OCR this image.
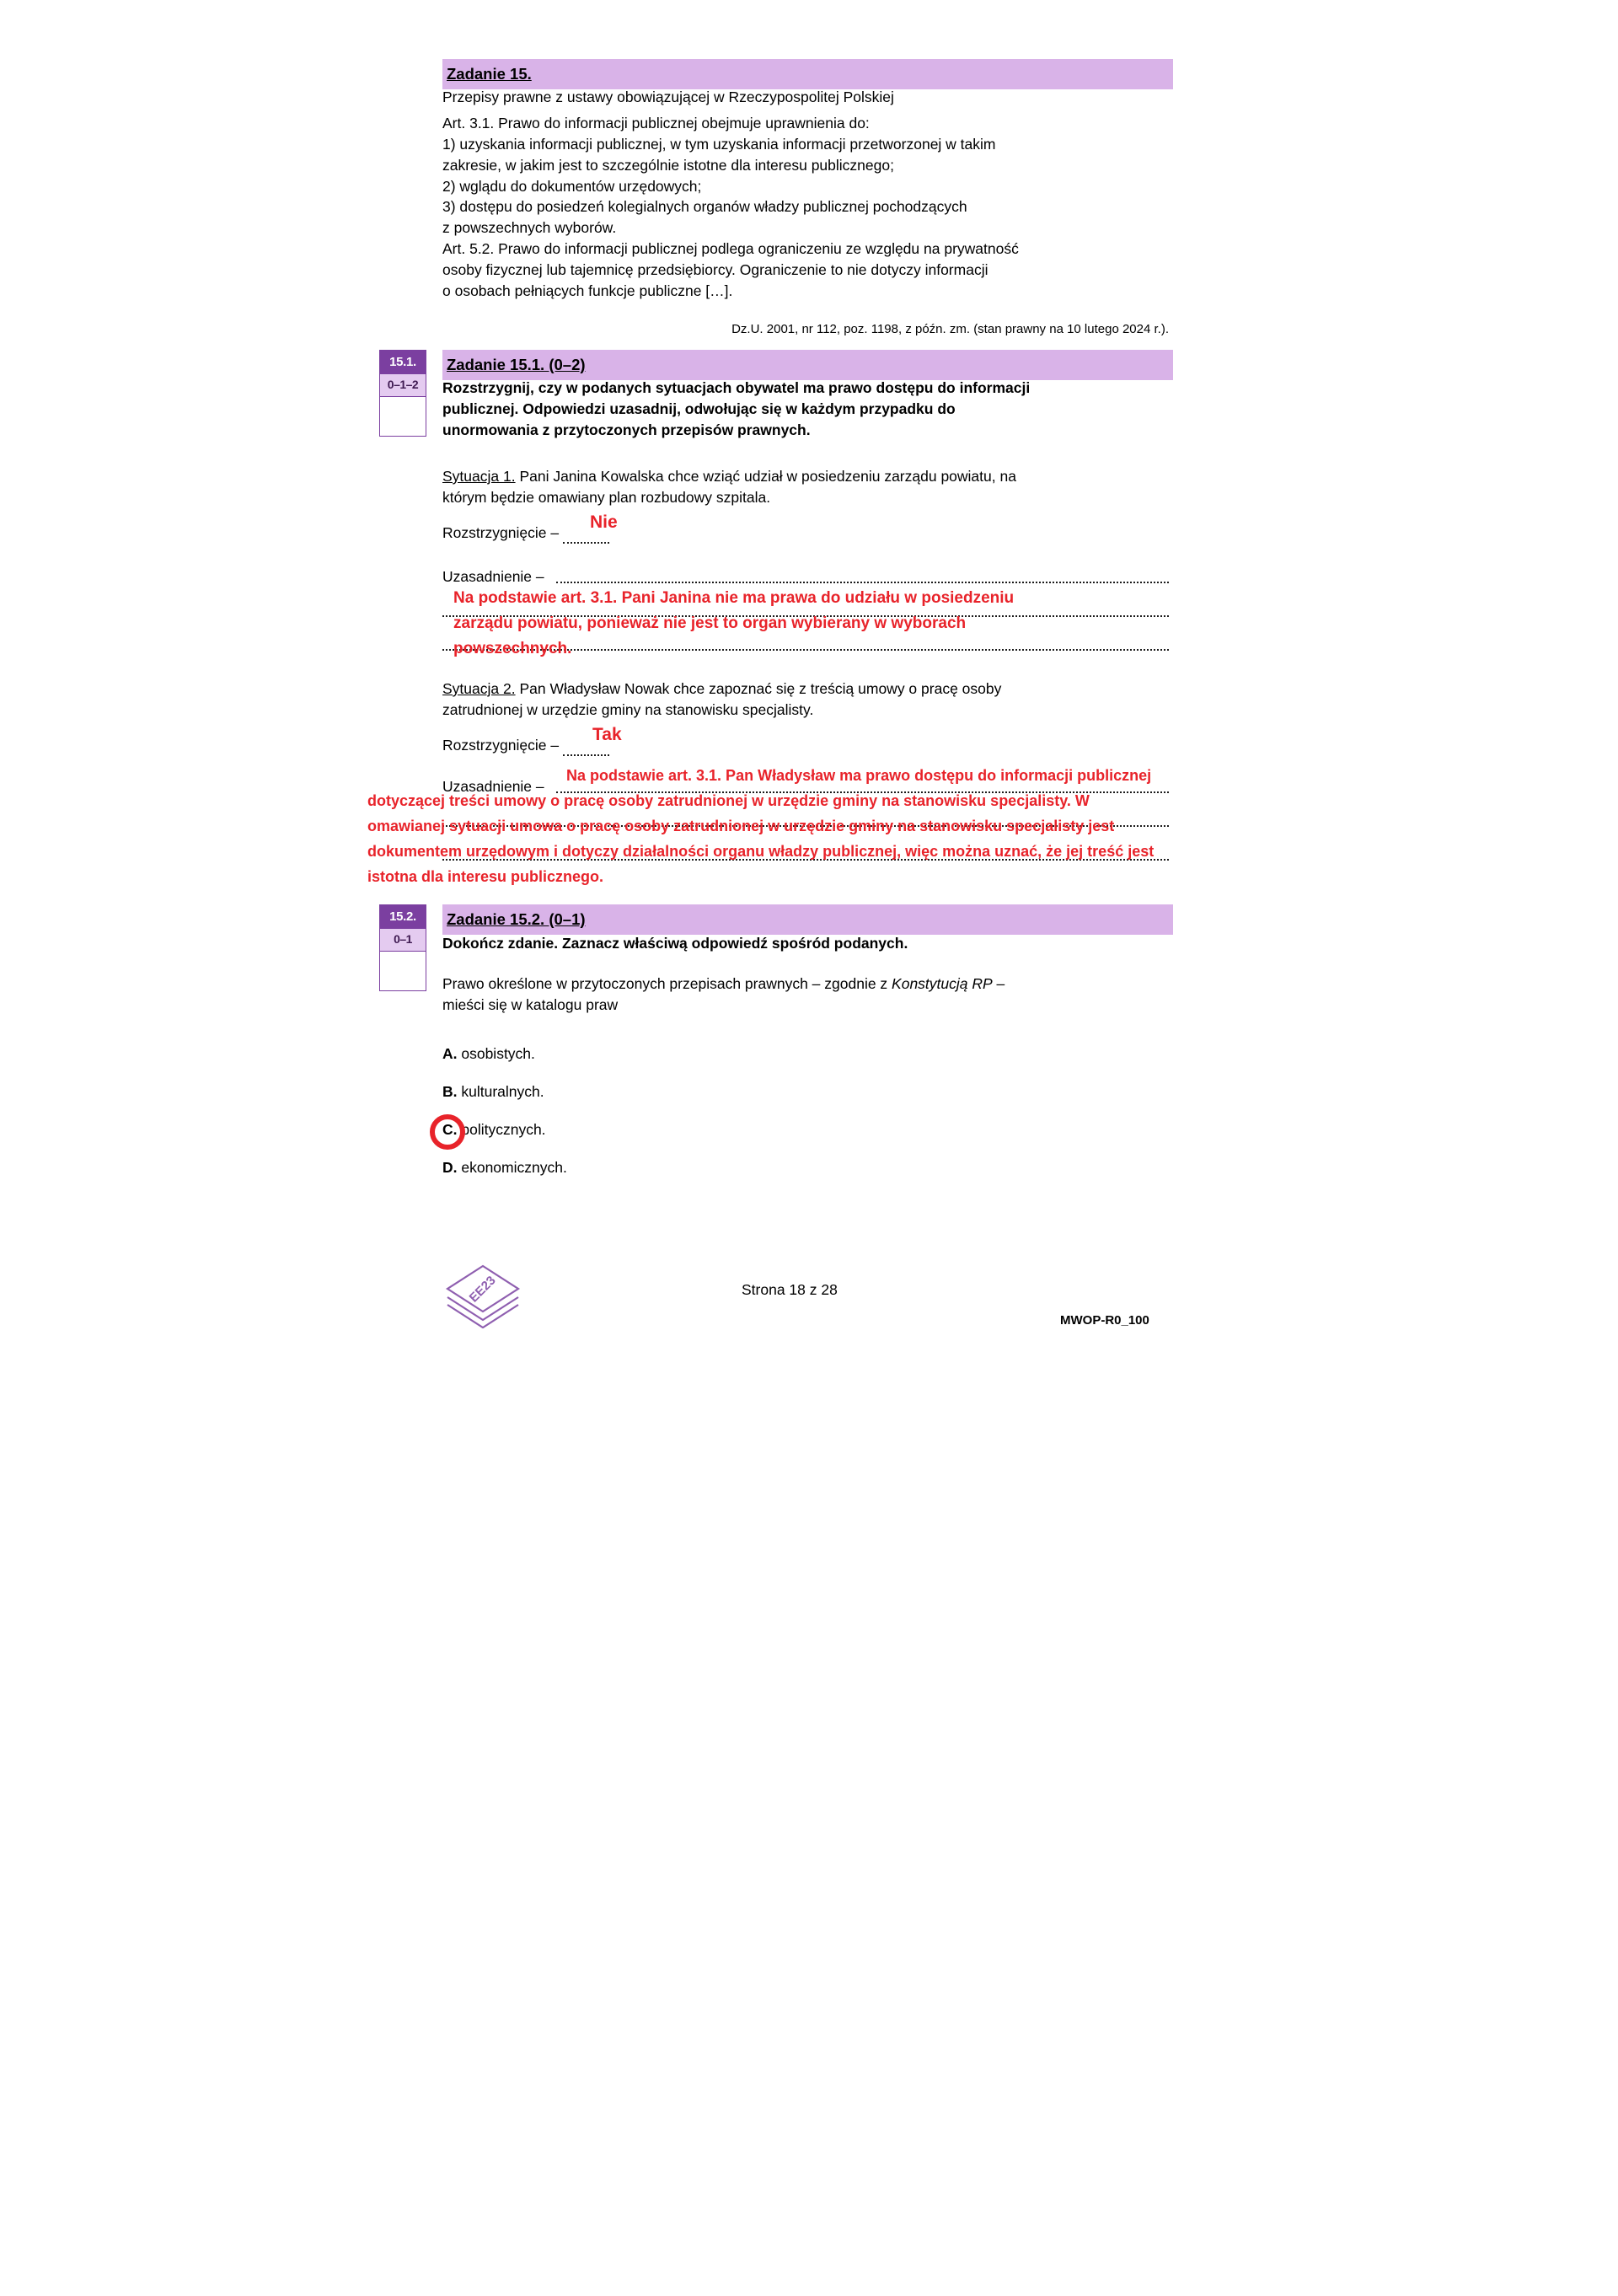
Zadanie 15.
Przepisy prawne z ustawy obowiązującej w Rzeczypospolitej Polskiej
Art. 3.1. Prawo do informacji publicznej obejmuje uprawnienia do:
1) uzyskania informacji publicznej, w tym uzyskania informacji przetworzonej w takim
zakresie, w jakim jest to szczególnie istotne dla interesu publicznego;
2) wglądu do dokumentów urzędowych;
3) dostępu do posiedzeń kolegialnych organów władzy publicznej pochodzących
z powszechnych wyborów.
Art. 5.2. Prawo do informacji publicznej podlega ograniczeniu ze względu na prywatność
osoby fizycznej lub tajemnicę przedsiębiorcy. Ograniczenie to nie dotyczy informacji
o osobach pełniących funkcje publiczne […].
Dz.U. 2001, nr 112, poz. 1198, z późn. zm. (stan prawny na 10 lutego 2024 r.).
15.1.
0–1–2
Zadanie 15.1. (0–2)
Rozstrzygnij, czy w podanych sytuacjach obywatel ma prawo dostępu do informacji
publicznej. Odpowiedzi uzasadnij, odwołując się w każdym przypadku do
unormowania z przytoczonych przepisów prawnych.
Sytuacja 1. Pani Janina Kowalska chce wziąć udział w posiedzeniu zarządu powiatu, na
którym będzie omawiany plan rozbudowy szpitala.
Rozstrzygnięcie –
Nie
Uzasadnienie –
Na podstawie art. 3.1. Pani Janina nie ma prawa do udziału w posiedzeniu
zarządu powiatu, ponieważ nie jest to organ wybierany w wyborach
powszechnych.
Sytuacja 2. Pan Władysław Nowak chce zapoznać się z treścią umowy o pracę osoby
zatrudnionej w urzędzie gminy na stanowisku specjalisty.
Rozstrzygnięcie –
Tak
Uzasadnienie –
Na podstawie art. 3.1. Pan Władysław ma prawo dostępu do informacji publicznej
dotyczącej treści umowy o pracę osoby zatrudnionej w urzędzie gminy na stanowisku specjalisty. W
omawianej sytuacji umowa o pracę osoby zatrudnionej w urzędzie gminy na stanowisku specjalisty jest
dokumentem urzędowym i dotyczy działalności organu władzy publicznej, więc można uznać, że jej treść jest
istotna dla interesu publicznego.
15.2.
0–1
Zadanie 15.2. (0–1)
Dokończ zdanie. Zaznacz właściwą odpowiedź spośród podanych.
Prawo określone w przytoczonych przepisach prawnych – zgodnie z Konstytucją RP –
mieści się w katalogu praw
A. osobistych.
B. kulturalnych.
C. politycznych.
D. ekonomicznych.
EE23	Strona 18 z 28
MWOP-R0_100
